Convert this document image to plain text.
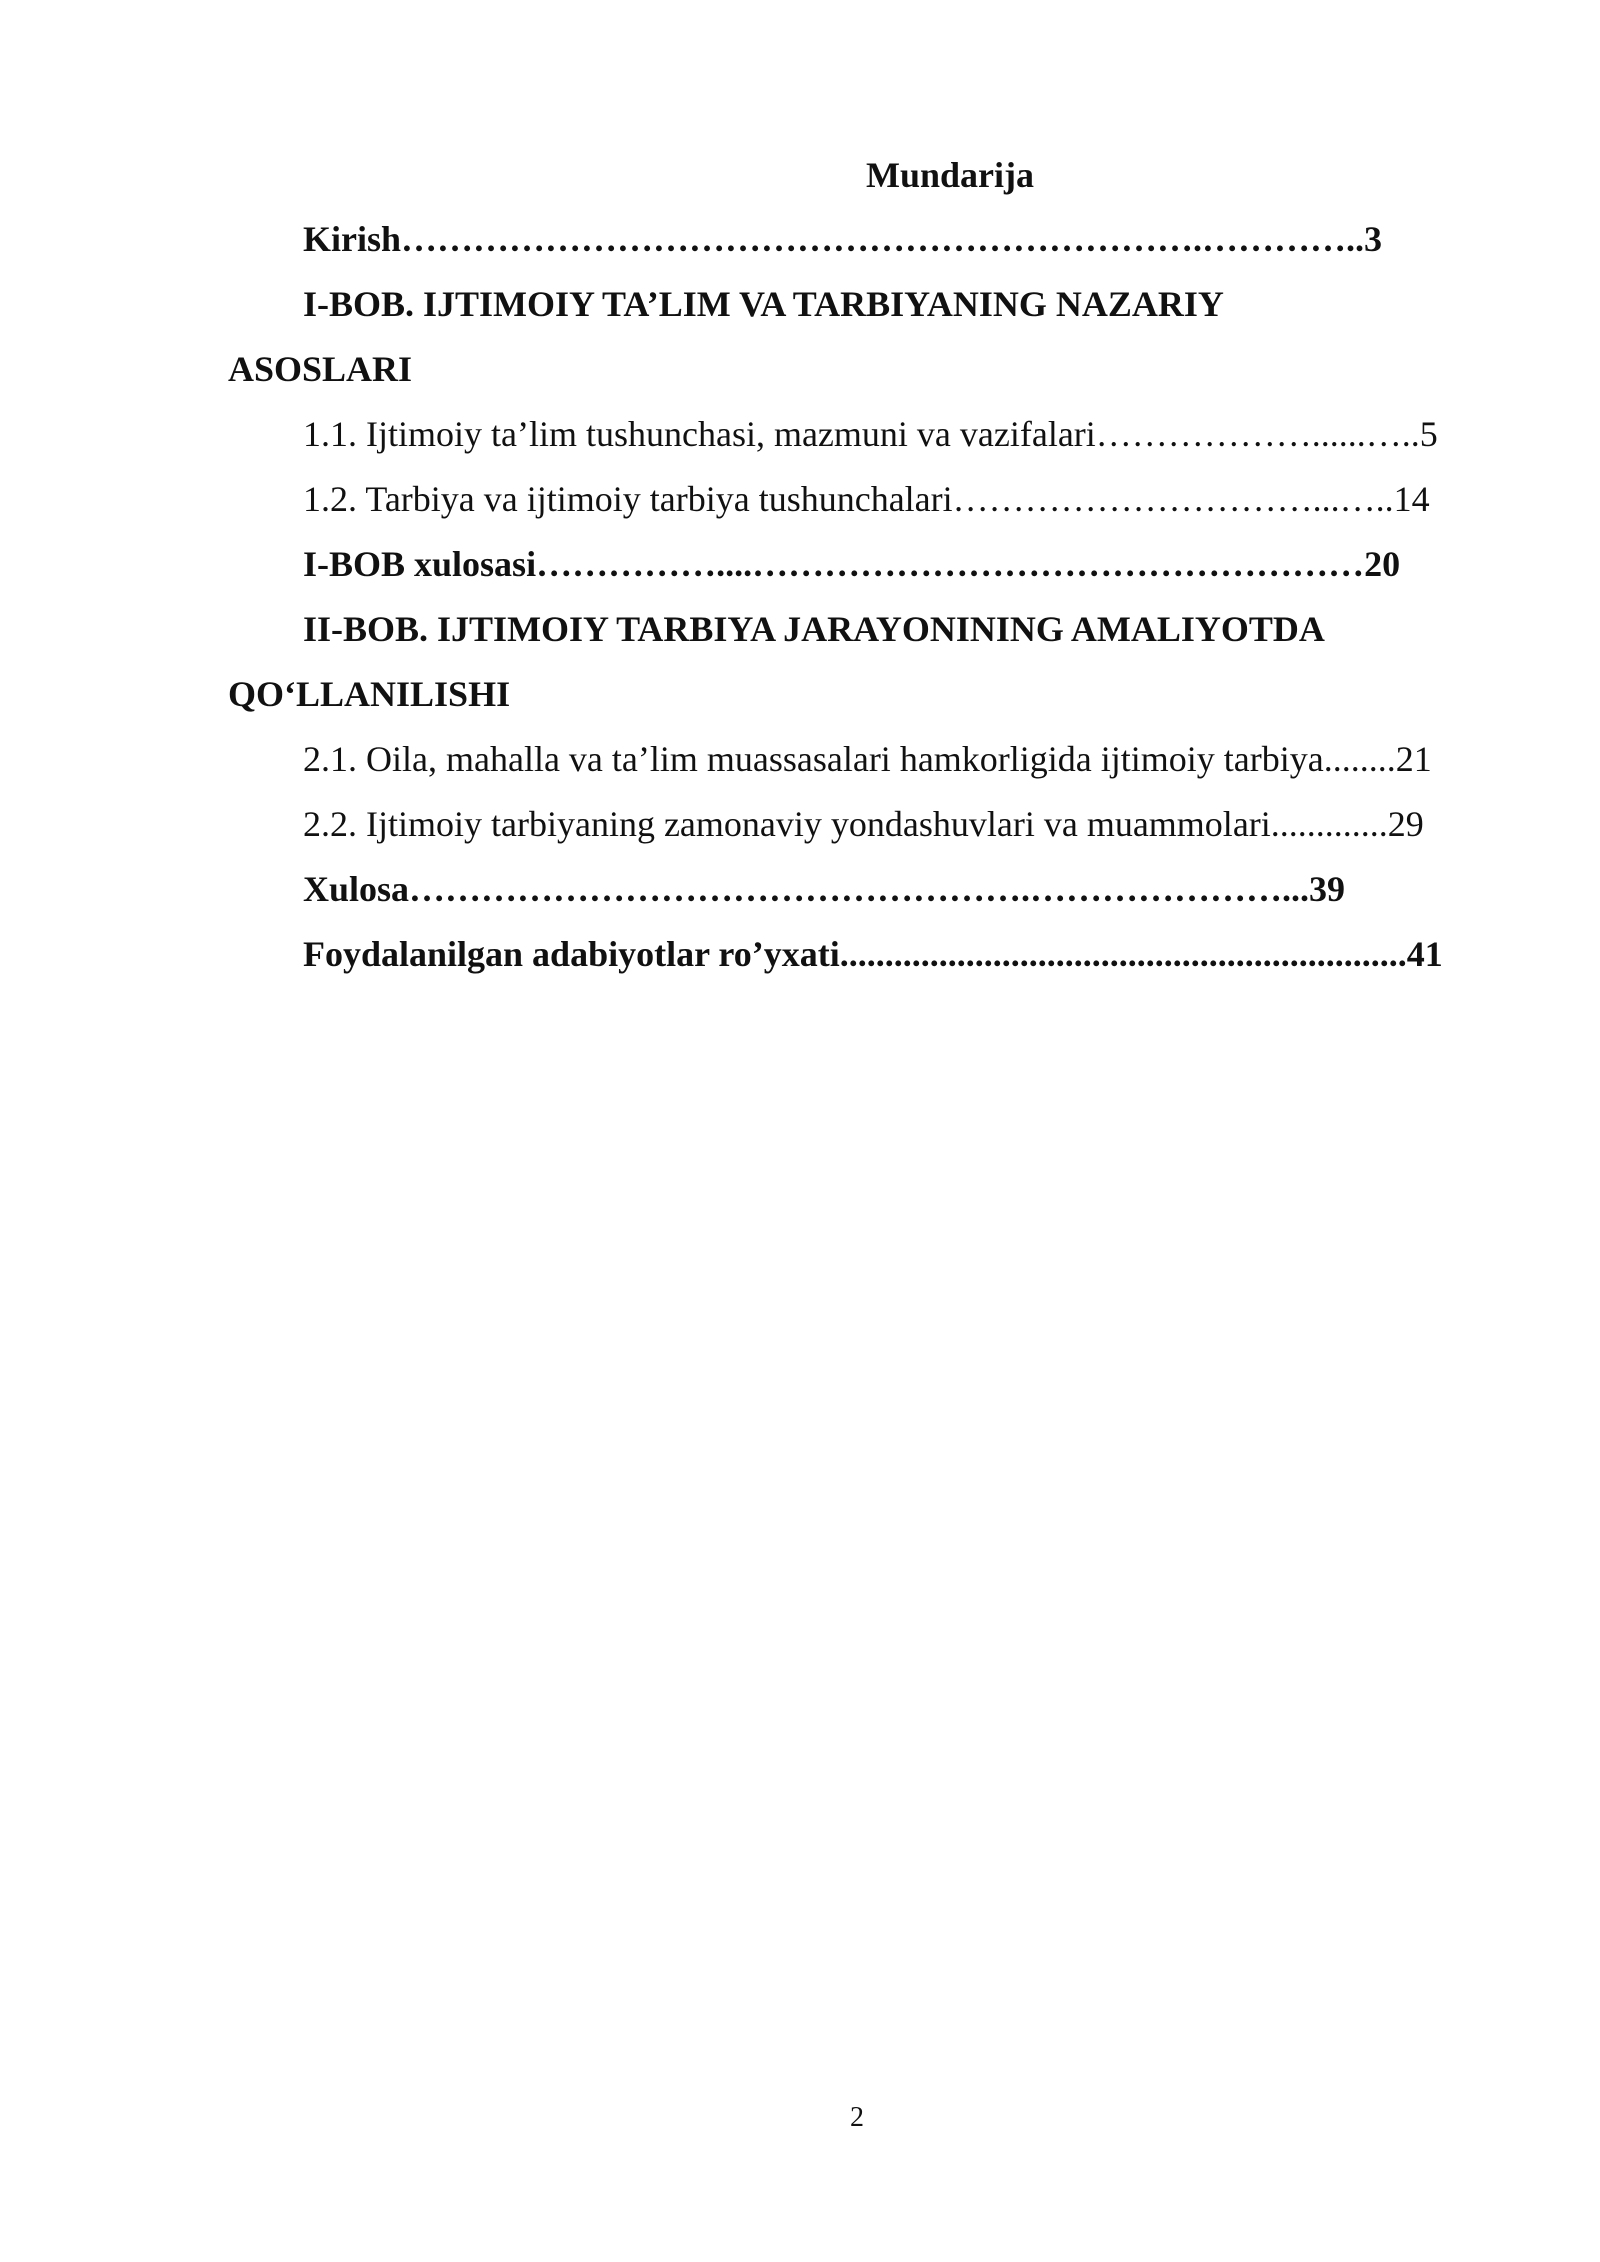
Mundarija
Kirish………………………………………………………….…………..3
I-BOB. IJTIMOIY TA’LIM VA TARBIYANING NAZARIY
ASOSLARI
1.1. Ijtimoiy ta’lim tushunchasi, mazmuni va vazifalari………………......…..5
1.2. Tarbiya va ijtimoiy tarbiya tushunchalari…………………………...…..14
I-BOB xulosasi……………....……………………………………………20
II-BOB. IJTIMOIY TARBIYA JARAYONINING AMALIYOTDA
QO‘LLANILISHI
2.1. Oila, mahalla va ta’lim muassasalari hamkorligida ijtimoiy tarbiya........21
2.2. Ijtimoiy tarbiyaning zamonaviy yondashuvlari va muammolari.............29
Xulosa…………………………………………….…………………...39
Foydalanilgan adabiyotlar ro’yxati...............................................................41
2
